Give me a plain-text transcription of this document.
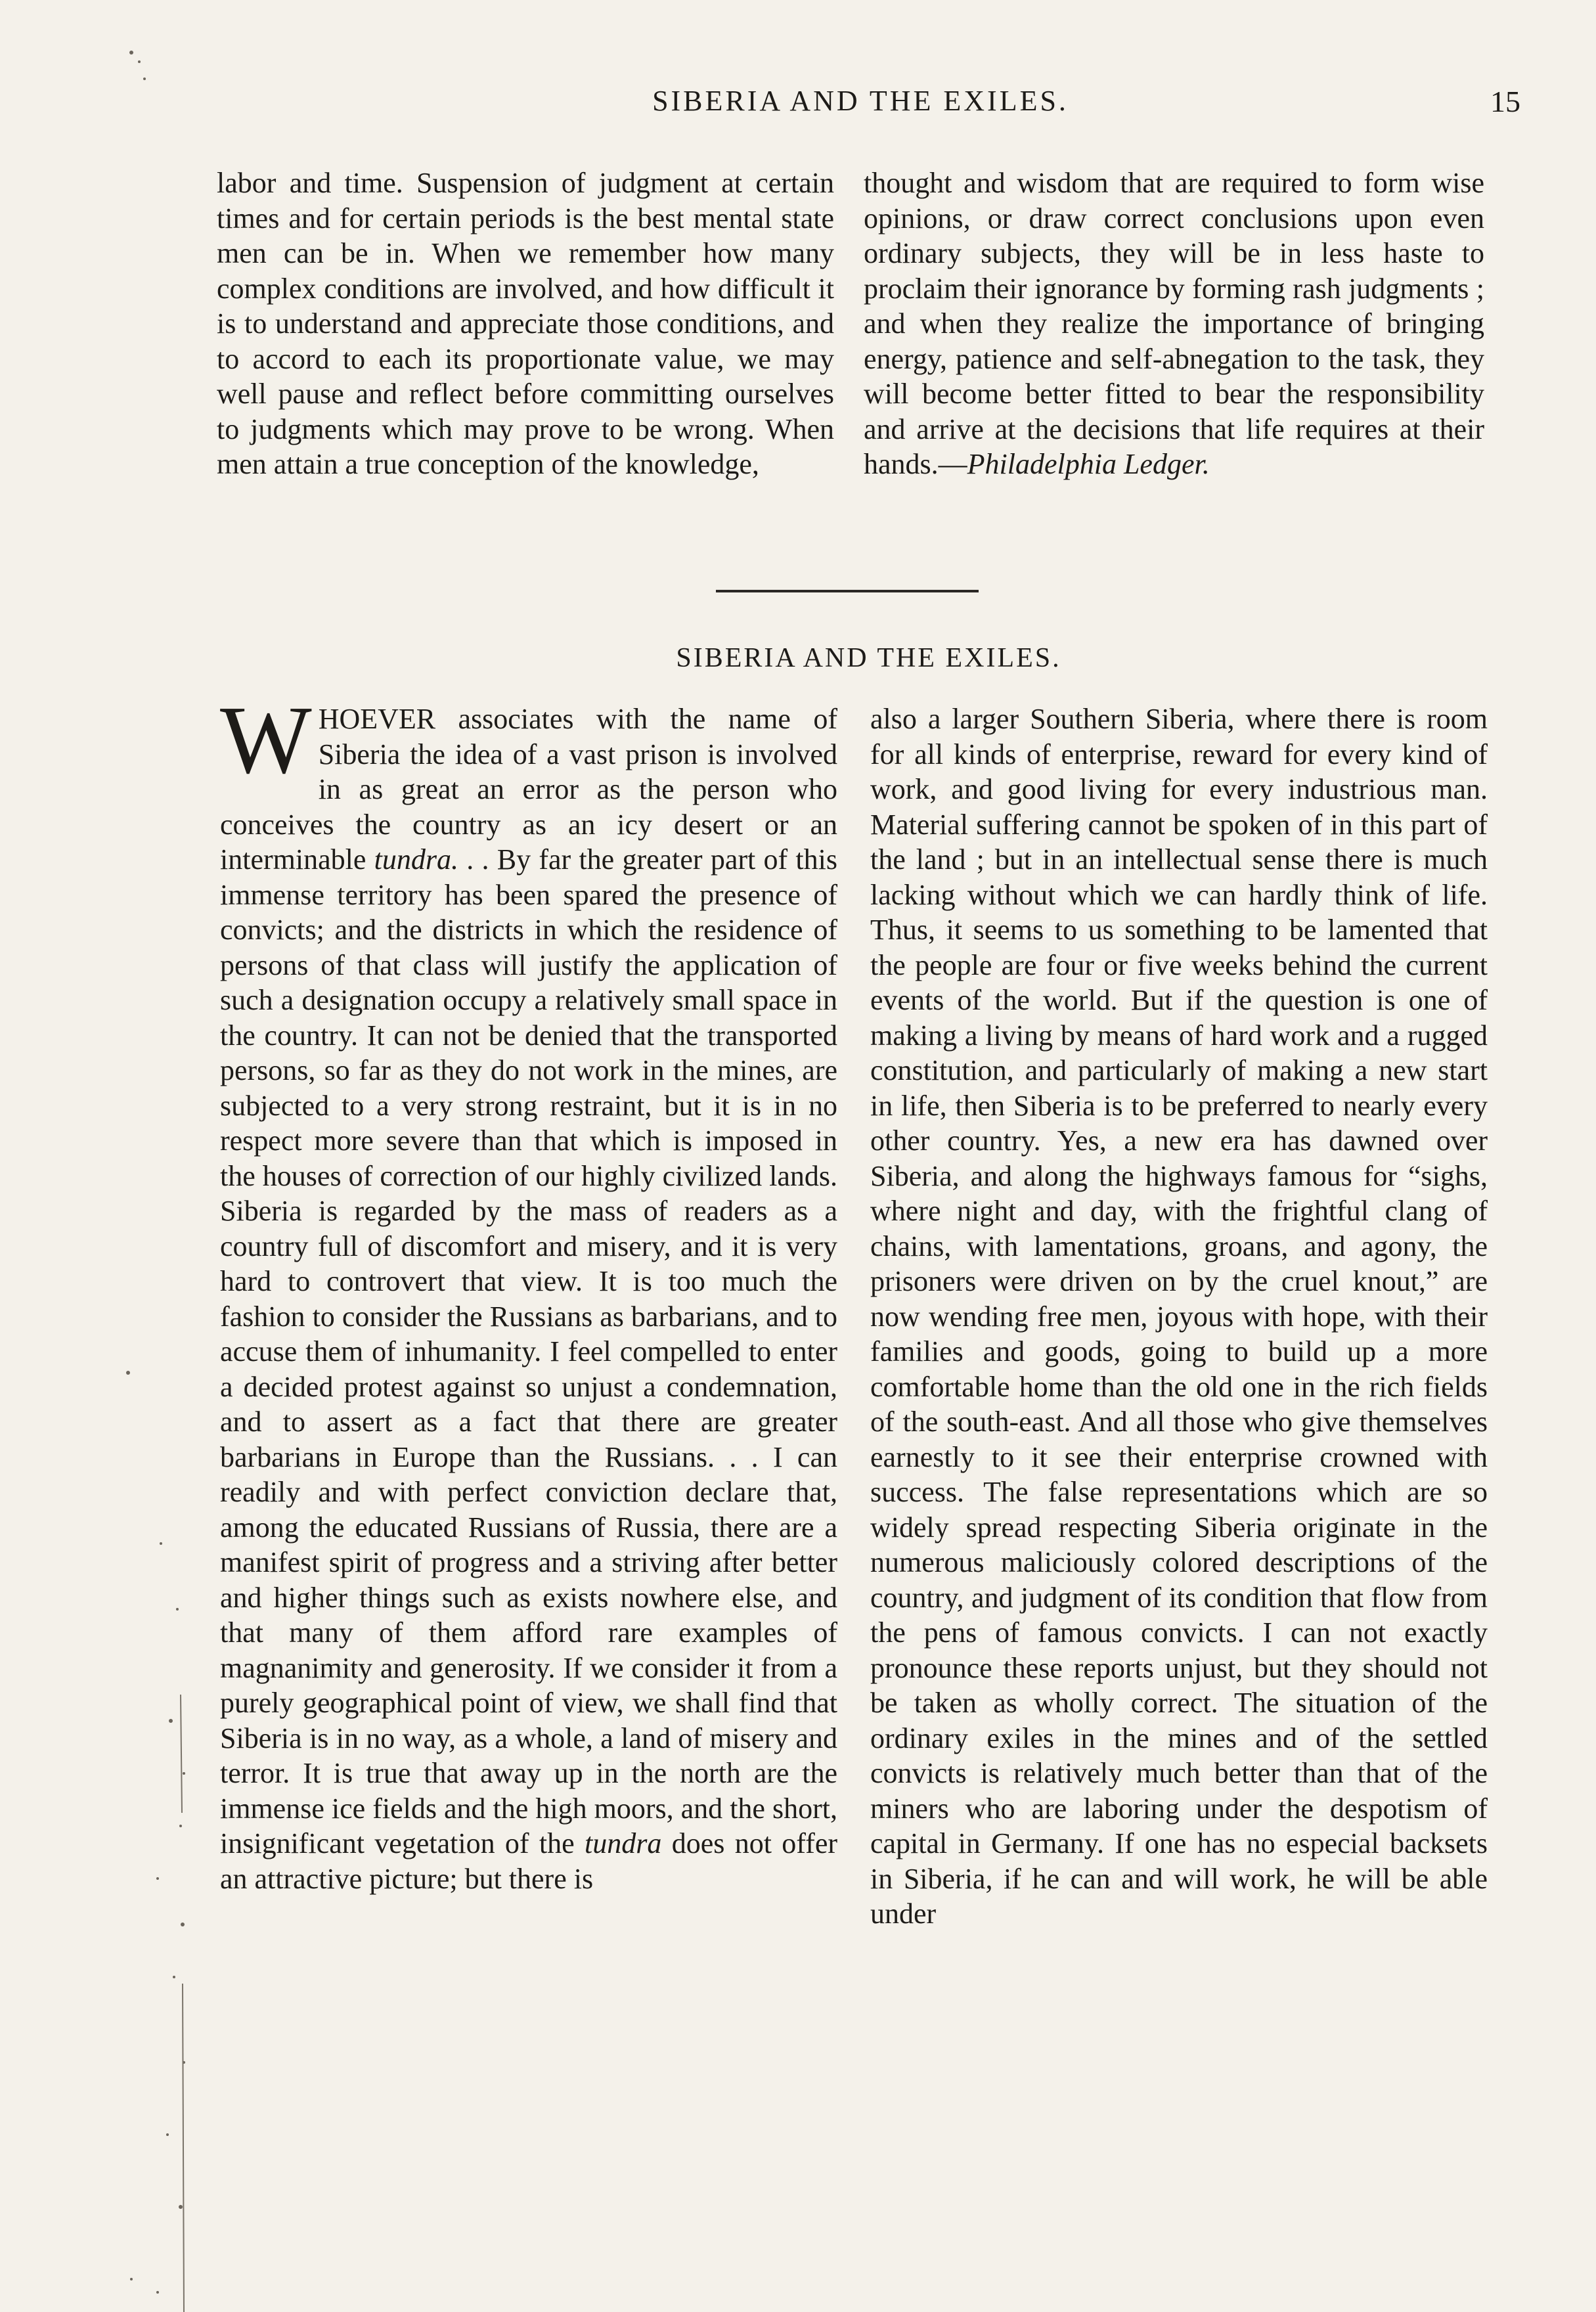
SIBERIA AND THE EXILES.	15

labor and time. Suspension of judgment at certain times and for certain periods is the best mental state men can be in. When we remember how many complex conditions are involved, and how difficult it is to understand and appreciate those conditions, and to accord to each its proportionate value, we may well pause and reflect before committing ourselves to judgments which may prove to be wrong. When men attain a true conception of the knowledge,

thought and wisdom that are required to form wise opinions, or draw correct conclusions upon even ordinary subjects, they will be in less haste to proclaim their ignorance by forming rash judgments ; and when they realize the importance of bringing energy, patience and self-abnegation to the task, they will become better fitted to bear the responsibility and arrive at the decisions that life requires at their hands.—Philadelphia Ledger.

SIBERIA AND THE EXILES.

WHOEVER associates with the name of Siberia the idea of a vast prison is involved in as great an error as the person who conceives the country as an icy desert or an interminable tundra. . . By far the greater part of this immense territory has been spared the presence of convicts; and the districts in which the residence of persons of that class will justify the application of such a designation occupy a relatively small space in the country. It can not be denied that the transported persons, so far as they do not work in the mines, are subjected to a very strong restraint, but it is in no respect more severe than that which is imposed in the houses of correction of our highly civilized lands. Siberia is regarded by the mass of readers as a country full of discomfort and misery, and it is very hard to controvert that view. It is too much the fashion to consider the Russians as barbarians, and to accuse them of inhumanity. I feel compelled to enter a decided protest against so unjust a condemnation, and to assert as a fact that there are greater barbarians in Europe than the Russians. . . I can readily and with perfect conviction declare that, among the educated Russians of Russia, there are a manifest spirit of progress and a striving after better and higher things such as exists nowhere else, and that many of them afford rare examples of magnanimity and generosity. If we consider it from a purely geographical point of view, we shall find that Siberia is in no way, as a whole, a land of misery and terror. It is true that away up in the north are the immense ice fields and the high moors, and the short, insignificant vegetation of the tundra does not offer an attractive picture; but there is

also a larger Southern Siberia, where there is room for all kinds of enterprise, reward for every kind of work, and good living for every industrious man. Material suffering cannot be spoken of in this part of the land ; but in an intellectual sense there is much lacking without which we can hardly think of life. Thus, it seems to us something to be lamented that the people are four or five weeks behind the current events of the world. But if the question is one of making a living by means of hard work and a rugged constitution, and particularly of making a new start in life, then Siberia is to be preferred to nearly every other country. Yes, a new era has dawned over Siberia, and along the highways famous for “sighs, where night and day, with the frightful clang of chains, with lamentations, groans, and agony, the prisoners were driven on by the cruel knout,” are now wending free men, joyous with hope, with their families and goods, going to build up a more comfortable home than the old one in the rich fields of the south-east. And all those who give themselves earnestly to it see their enterprise crowned with success. The false representations which are so widely spread respecting Siberia originate in the numerous maliciously colored descriptions of the country, and judgment of its condition that flow from the pens of famous convicts. I can not exactly pronounce these reports unjust, but they should not be taken as wholly correct. The situation of the ordinary exiles in the mines and of the settled convicts is relatively much better than that of the miners who are laboring under the despotism of capital in Germany. If one has no especial backsets in Siberia, if he can and will work, he will be able under
